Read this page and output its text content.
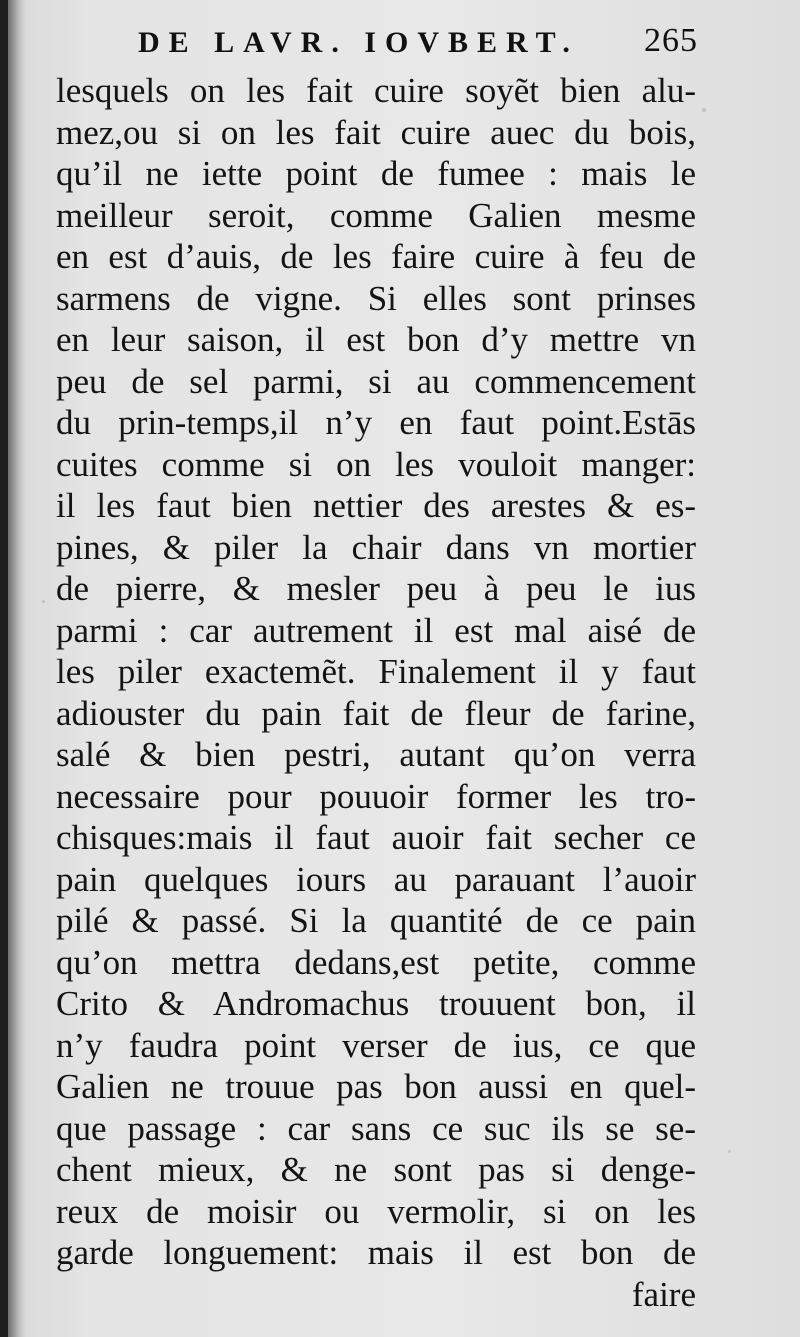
DE LAVR. IOVBERT. 265
lesquels on les fait cuire soyẽt bien alu-
mez,ou si on les fait cuire auec du bois,
qu’il ne iette point de fumee : mais le
meilleur seroit, comme Galien mesme
en est d’auis, de les faire cuire à feu de
sarmens de vigne. Si elles sont prinses
en leur saison, il est bon d’y mettre vn
peu de sel parmi, si au commencement
du prin-temps,il n’y en faut point.Estās
cuites comme si on les vouloit manger:
il les faut bien nettier des arestes & es-
pines, & piler la chair dans vn mortier
de pierre, & mesler peu à peu le ius
parmi : car autrement il est mal aisé de
les piler exactemẽt. Finalement il y faut
adiouster du pain fait de fleur de farine,
salé & bien pestri, autant qu’on verra
necessaire pour pouuoir former les tro-
chisques:mais il faut auoir fait secher ce
pain quelques iours au parauant l’auoir
pilé & passé. Si la quantité de ce pain
qu’on mettra dedans,est petite, comme
Crito & Andromachus trouuent bon, il
n’y faudra point verser de ius, ce que
Galien ne trouue pas bon aussi en quel-
que passage : car sans ce suc ils se se-
chent mieux, & ne sont pas si denge-
reux de moisir ou vermolir, si on les
garde longuement: mais il est bon de
faire
